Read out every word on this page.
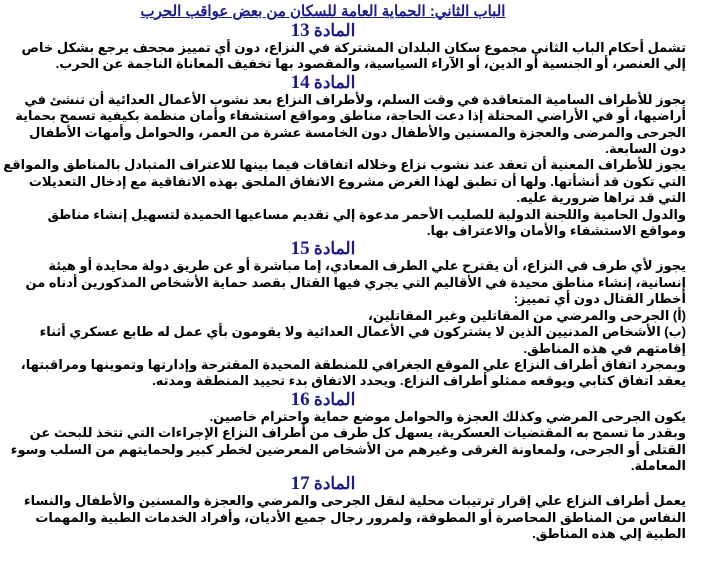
الباب الثاني: الحماية العامة للسكان من بعض عواقب الحرب
المادة 13

تشمل أحكام الباب الثاني مجموع سكان البلدان المشتركة في النزاع، دون أي تمييز مجحف يرجع بشكل خاص إلي العنصر، أو الجنسية أو الدين، أو الآراء السياسية، والمقصود بها تخفيف المعاناة الناجمة عن الحرب.

المادة 14

يجوز للأطراف السامية المتعاقدة في وقت السلم، ولأطراف النزاع بعد نشوب الأعمال العدائية أن تنشئ في أراضيها، أو في الأراضي المحتلة إذا دعت الحاجة، مناطق ومواقع استشفاء وأمان منظمة بكيفية تسمح بحماية الجرحى والمرضى والعجزة والمسنين والأطفال دون الخامسة عشرة من العمر، والحوامل وأمهات الأطفال دون السابعة.

يجوز للأطراف المعنية أن تعقد عند نشوب نزاع وخلاله اتفاقات فيما بينها للاعتراف المتبادل بالمناطق والمواقع التي تكون قد أنشأتها. ولها أن تطبق لهذا الغرض مشروع الاتفاق الملحق بهذه الاتفاقية مع إدخال التعديلات التي قد تراها ضرورية عليه.

والدول الحامية واللجنة الدولية للصليب الأحمر مدعوة إلي تقديم مساعيها الحميدة لتسهيل إنشاء مناطق ومواقع الاستشفاء والأمان والاعتراف بها.

المادة 15

يجوز لأي طرف في النزاع، أن يقترح علي الطرف المعادي، إما مباشرة أو عن طريق دولة محايدة أو هيئة إنسانية، إنشاء مناطق محيدة في الأقاليم التي يجري فيها القتال بقصد حماية الأشخاص المذكورين أدناه من أخطار القتال دون أي تمييز:

(أ) الجرحى والمرضي من المقاتلين وغير المقاتلين،

(ب) الأشخاص المدنيين الذين لا يشتركون في الأعمال العدائية ولا يقومون بأي عمل له طابع عسكري أثناء إقامتهم في هذه المناطق.

وبمجرد اتفاق أطراف النزاع علي الموقع الجغرافي للمنطقة المحيدة المقترحة وإدارتها وتموينها ومراقبتها، يعقد اتفاق كتابي ويوقعه ممثلو أطراف النزاع. ويحدد الاتفاق بدء تحييد المنطقة ومدته.

المادة 16

يكون الجرحى المرضي وكذلك العجزة والحوامل موضع حماية واحترام خاصين.

وبقدر ما تسمح به المقتضيات العسكرية، يسهل كل طرف من أطراف النزاع الإجراءات التي تتخذ للبحث عن القتلى أو الجرحى، ولمعاونة الغرقى وغيرهم من الأشخاص المعرضين لخطر كبير ولحمايتهم من السلب وسوء المعاملة.

المادة 17

يعمل أطراف النزاع علي إقرار ترتيبات محلية لنقل الجرحى والمرضي والعجزة والمسنين والأطفال والنساء النفاس من المناطق المحاصرة أو المطوقة، ولمرور رجال جميع الأديان، وأفراد الخدمات الطبية والمهمات الطبية إلي هذه المناطق.
